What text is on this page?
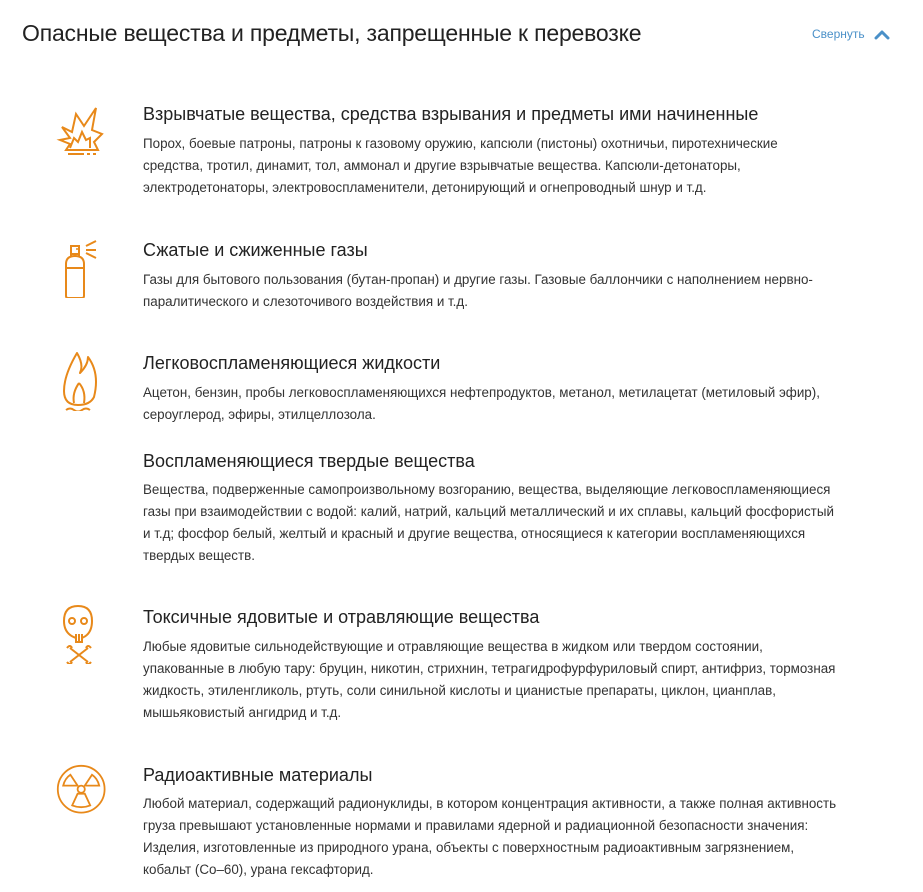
Опасные вещества и предметы, запрещенные к перевозке	Свернуть
Взрывчатые вещества, средства взрывания и предметы ими начиненные
Порох, боевые патроны, патроны к газовому оружию, капсюли (пистоны) охотничьи, пиротехнические
средства, тротил, динамит, тол, аммонал и другие взрывчатые вещества. Капсюли-детонаторы,
электродетонаторы, электровоспламенители, детонирующий и огнепроводный шнур и т.д.
Сжатые и сжиженные газы
Газы для бытового пользования (бутан-пропан) и другие газы. Газовые баллончики с наполнением нервно-
паралитического и слезоточивого воздействия и т.д.
Легковоспламеняющиеся жидкости
Ацетон, бензин, пробы легковоспламеняющихся нефтепродуктов, метанол, метилацетат (метиловый эфир),
сероуглерод, эфиры, этилцеллозола.
Воспламеняющиеся твердые вещества
Вещества, подверженные самопроизвольному возгоранию, вещества, выделяющие легковоспламеняющиеся
газы при взаимодействии с водой: калий, натрий, кальций металлический и их сплавы, кальций фосфористый
и т.д; фосфор белый, желтый и красный и другие вещества, относящиеся к категории воспламеняющихся
твердых веществ.
Токсичные ядовитые и отравляющие вещества
Любые ядовитые сильнодействующие и отравляющие вещества в жидком или твердом состоянии,
упакованные в любую тару: бруцин, никотин, стрихнин, тетрагидрофурфуриловый спирт, антифриз, тормозная
жидкость, этиленгликоль, ртуть, соли синильной кислоты и цианистые препараты, циклон, цианплав,
мышьяковистый ангидрид и т.д.
Радиоактивные материалы
Любой материал, содержащий радионуклиды, в котором концентрация активности, а также полная активность
груза превышают установленные нормами и правилами ядерной и радиационной безопасности значения:
Изделия, изготовленные из природного урана, объекты с поверхностным радиоактивным загрязнением,
кобальт (Co–60), урана гексафторид.
